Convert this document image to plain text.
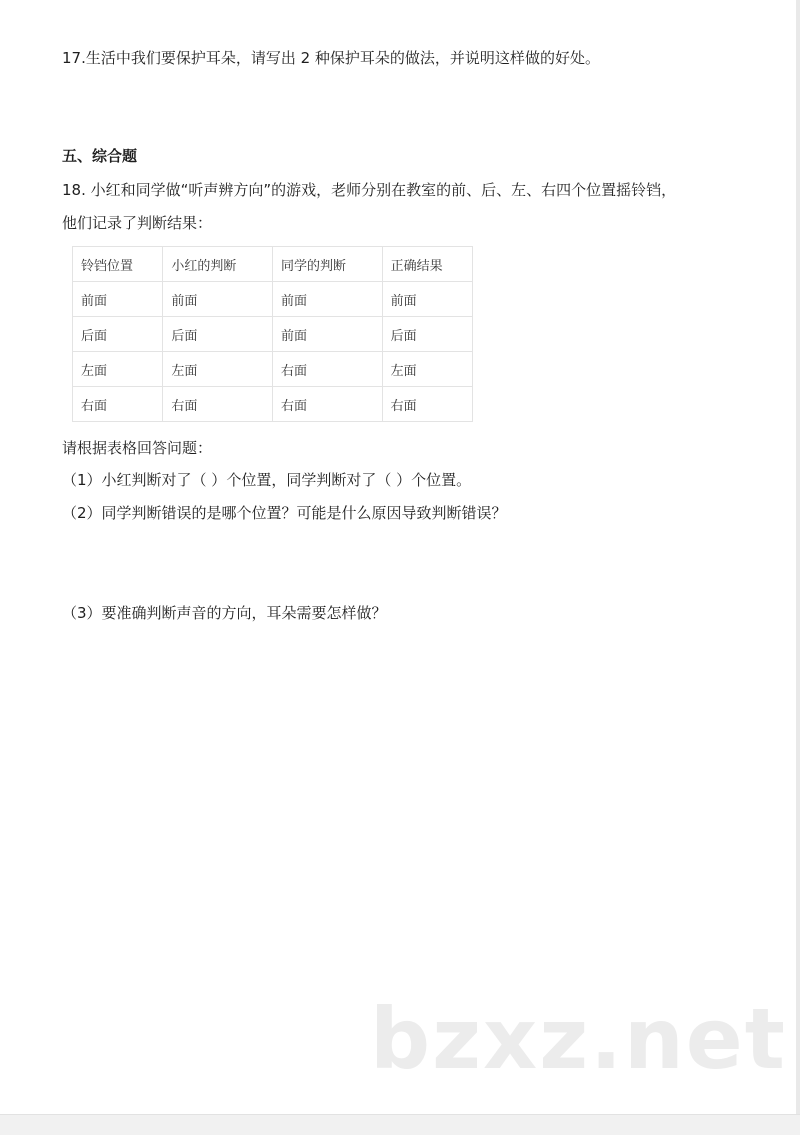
17.生活中我们要保护耳朵，请写出 2 种保护耳朵的做法，并说明这样做的好处。
五、综合题
18. 小红和同学做“听声辨方向”的游戏，老师分别在教室的前、后、左、右四个位置摇铃铛，
他们记录了判断结果：
铃铛位置	小红的判断	同学的判断	正确结果
前面	前面	前面	前面
后面	后面	前面	后面
左面	左面	右面	左面
右面	右面	右面	右面
请根据表格回答问题：
（1）小红判断对了（ ）个位置，同学判断对了（ ）个位置。
（2）同学判断错误的是哪个位置？可能是什么原因导致判断错误？
（3）要准确判断声音的方向，耳朵需要怎样做？
bzxz.net
